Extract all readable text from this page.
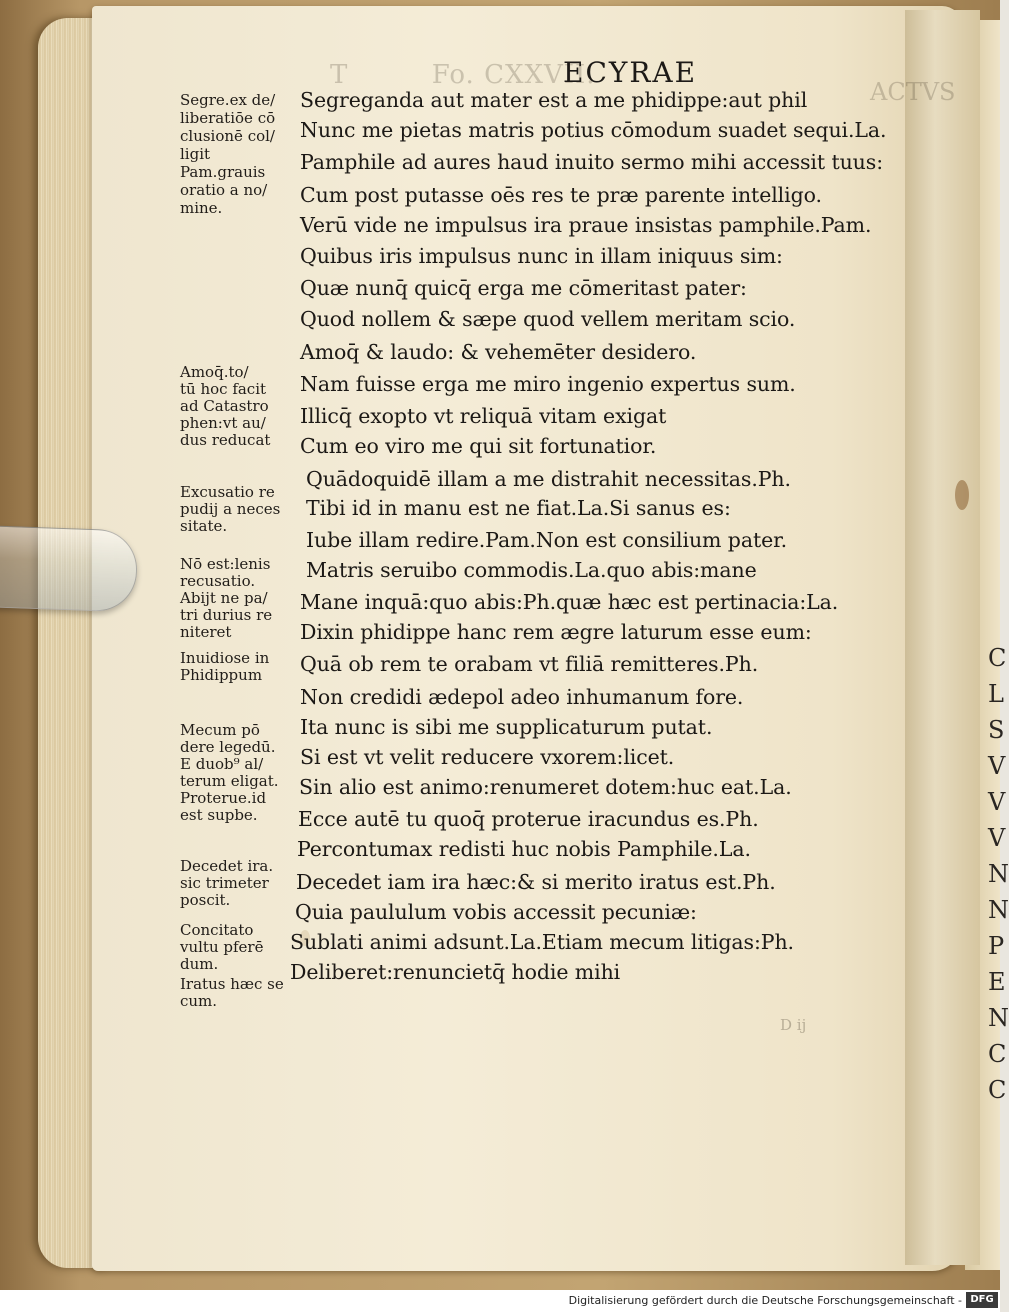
C
L
S
V
V
V
N
N
P
E
N
C
C
T         Fo. CXXVII.
ACTVS
ECYRAE
Segreganda aut mater est a me phidippe:aut phil
Nunc me pietas matris potius cōmodum suadet sequi.La.
Pamphile ad aures haud inuito sermo mihi accessit tuus:
Cum post putasse oēs res te præ parente intelligo.
Verū vide ne impulsus ira praue insistas pamphile.Pam.
Quibus iris impulsus nunc in illam iniquus sim:
Quæ nunq̄ quicq̄ erga me cōmeritast pater:
Quod nollem & sæpe quod vellem meritam scio.
Amoq̄ & laudo: & vehemēter desidero.
Nam fuisse erga me miro ingenio expertus sum.
Illicq̄ exopto vt reliquā vitam exigat
Cum eo viro me qui sit fortunatior.
Quādoquidē illam a me distrahit necessitas.Ph.
Tibi id in manu est ne fiat.La.Si sanus es:
Iube illam redire.Pam.Non est consilium pater.
Matris seruibo commodis.La.quo abis:mane
Mane inquā:quo abis:Ph.quæ hæc est pertinacia:La.
Dixin phidippe hanc rem ægre laturum esse eum:
Quā ob rem te orabam vt filiā remitteres.Ph.
Non credidi ædepol adeo inhumanum fore.
Ita nunc is sibi me supplicaturum putat.
Si est vt velit reducere vxorem:licet.
Sin alio est animo:renumeret dotem:huc eat.La.
Ecce autē tu quoq̄ proterue iracundus es.Ph.
Percontumax redisti huc nobis Pamphile.La.
Decedet iam ira hæc:& si merito iratus est.Ph.
Quia paululum vobis accessit pecuniæ:
Sublati animi adsunt.La.Etiam mecum litigas:Ph.
Deliberet:renuncietq̄ hodie mihi
Segre.ex de/
liberatiōe cō
clusionē col/
ligit
Pam.grauis
oratio a no/
mine.
Amoq̄.to/
tū hoc facit
ad Catastro
phen:vt au/
dus reducat
Excusatio re
pudij a neces
sitate.
Nō est:lenis
recusatio.
Abijt ne pa/
tri durius re
niteret
Inuidiose in
Phidippum
Mecum pō
dere legedū.
E duob⁹ al/
terum eligat.
Proterue.id
est supbe.
Decedet ira.
sic trimeter
poscit.
Concitato
vultu pferē
dum.
Iratus hæc se
cum.
D ij
Digitalisierung gefördert durch die Deutsche Forschungsgemeinschaft - DFG
